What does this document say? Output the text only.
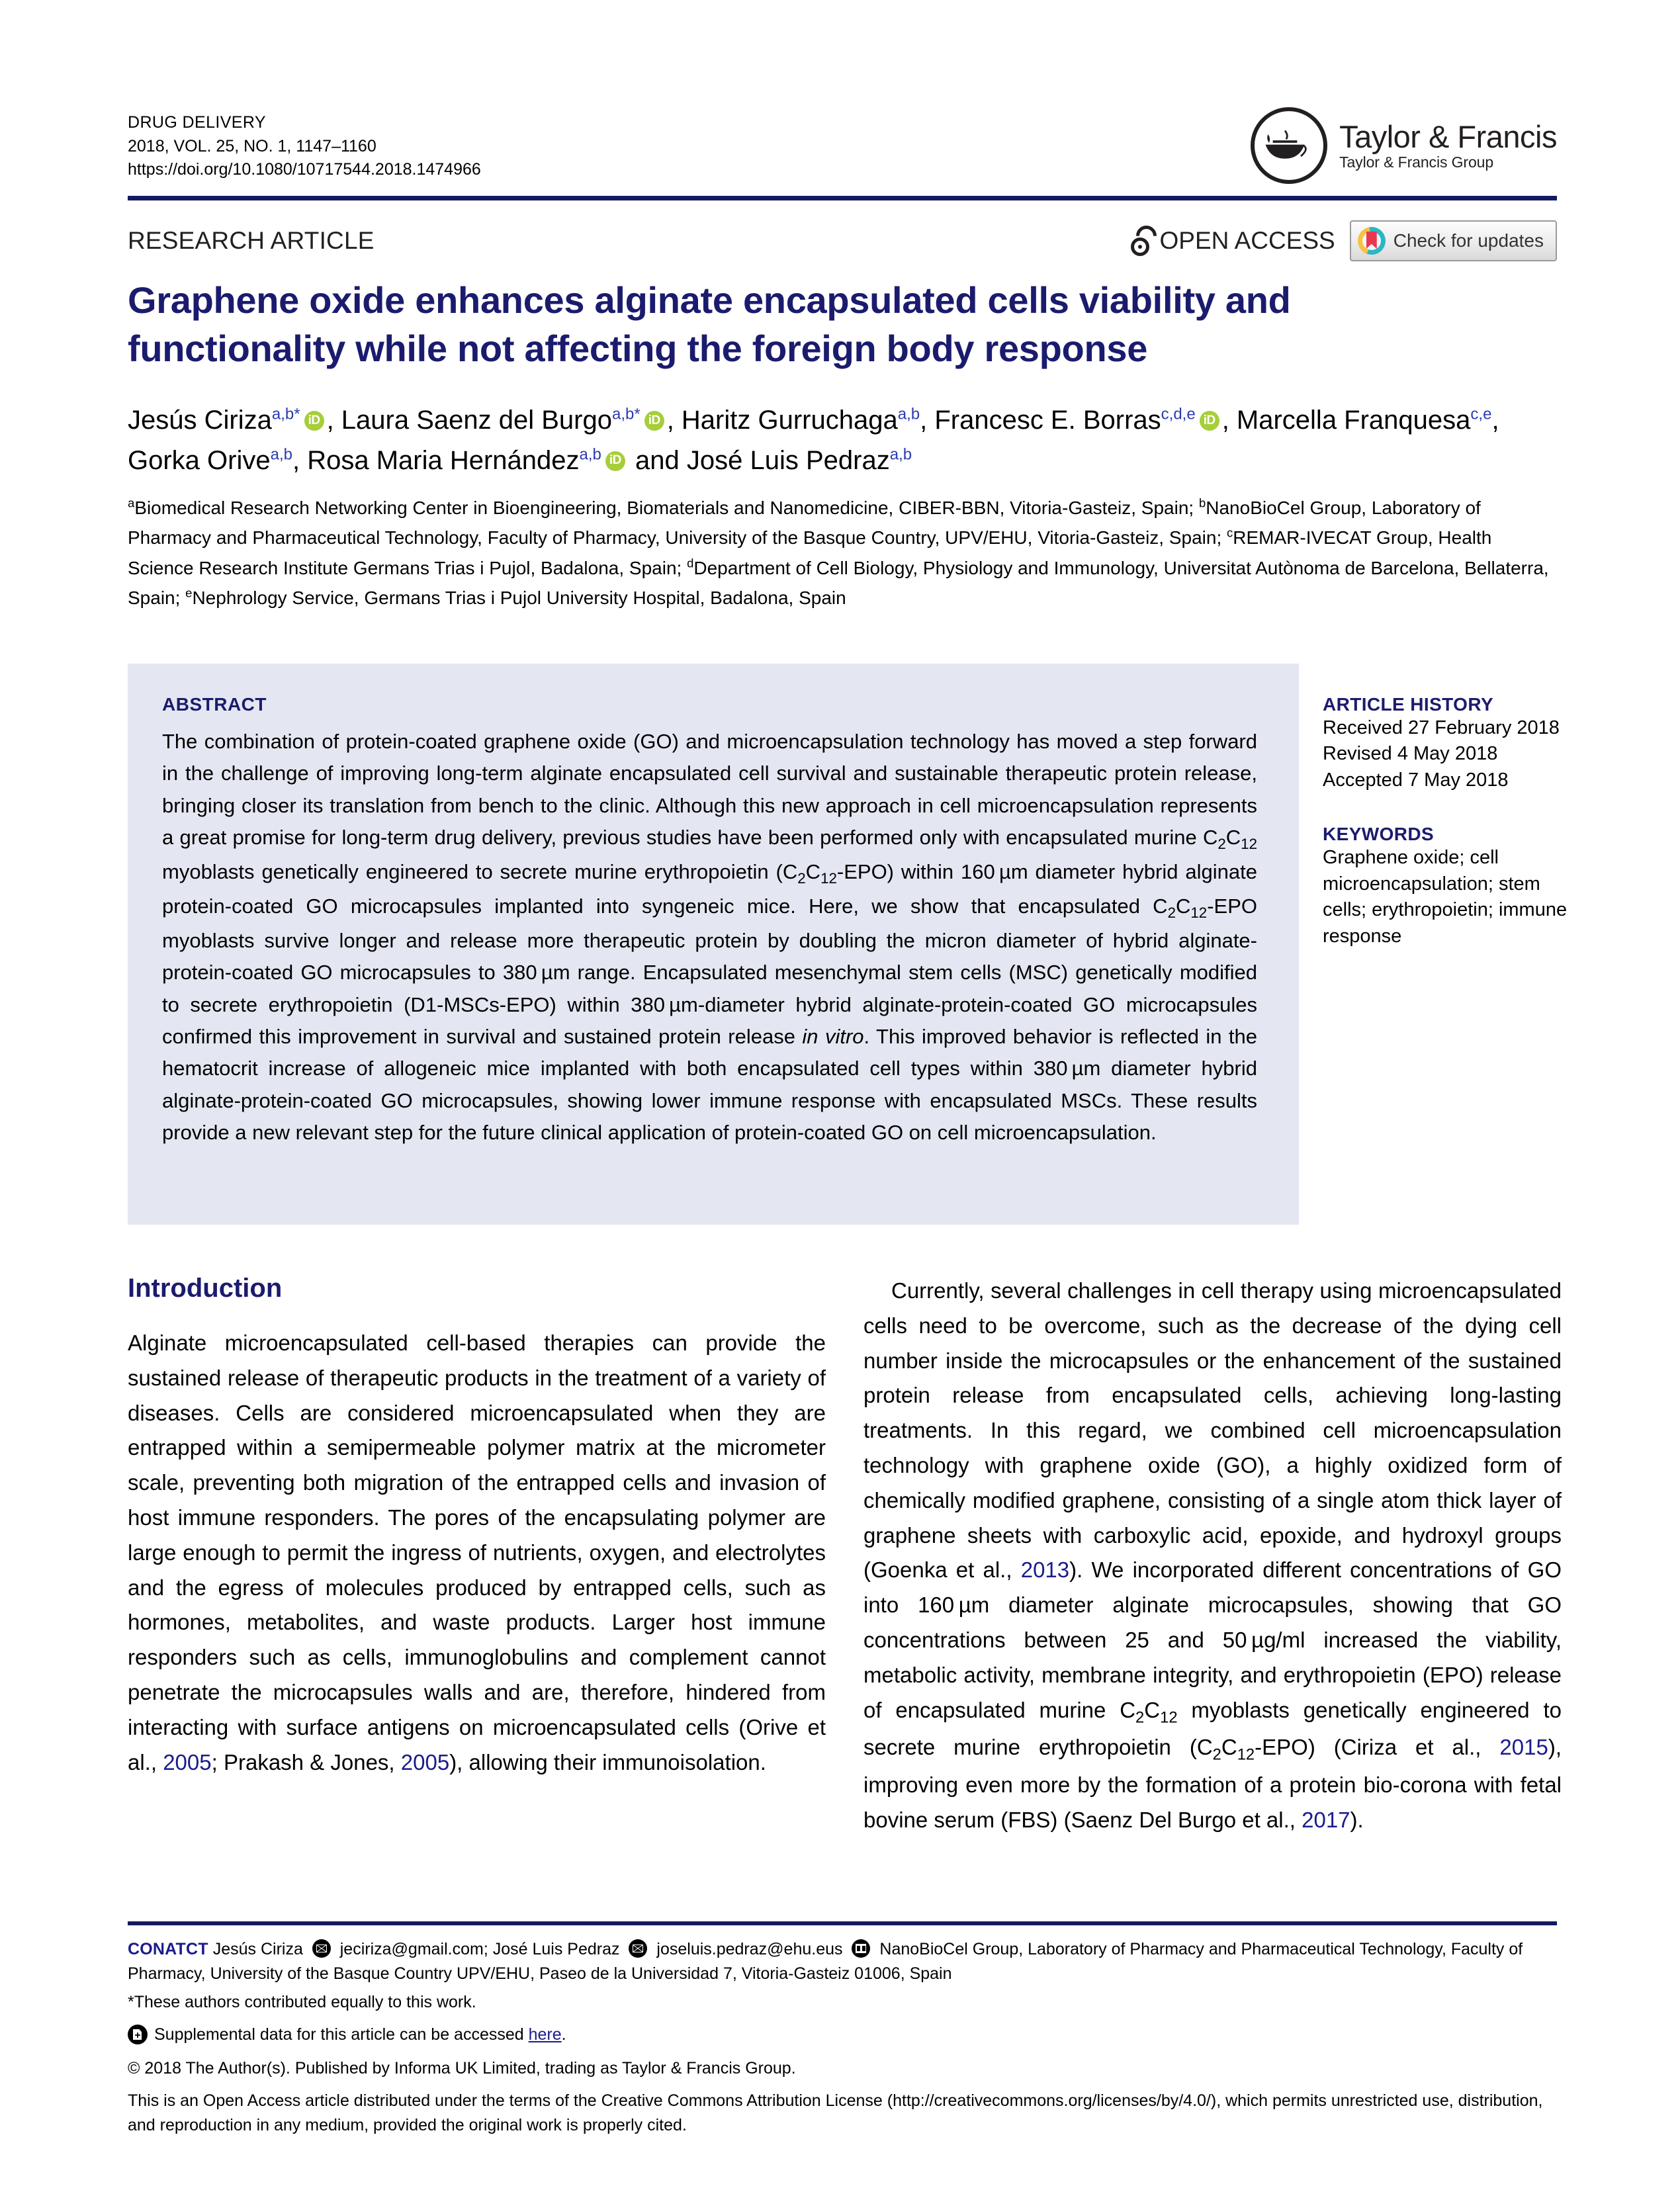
DRUG DELIVERY
2018, VOL. 25, NO. 1, 1147–1160
https://doi.org/10.1080/10717544.2018.1474966
Taylor & Francis
Taylor & Francis Group
RESEARCH ARTICLE	OPEN ACCESS	Check for updates
Graphene oxide enhances alginate encapsulated cells viability and functionality while not affecting the foreign body response
Jesús Ciriza$^{a,b*}$ iD , Laura Saenz del Burgo$^{a,b*}$ iD , Haritz Gurruchaga$^{a,b}$, Francesc E. Borras$^{c,d,e}$ iD , Marcella Franquesa$^{c,e}$, Gorka Orive$^{a,b}$, Rosa Maria Hernández$^{a,b}$iD and José Luis Pedraz$^{a,b}$
$^a$Biomedical Research Networking Center in Bioengineering, Biomaterials and Nanomedicine, CIBER-BBN, Vitoria-Gasteiz, Spain; $^b$NanoBioCel Group, Laboratory of Pharmacy and Pharmaceutical Technology, Faculty of Pharmacy, University of the Basque Country, UPV/EHU, Vitoria-Gasteiz, Spain; $^c$REMAR-IVECAT Group, Health Science Research Institute Germans Trias i Pujol, Badalona, Spain; $^d$Department of Cell Biology, Physiology and Immunology, Universitat Autònoma de Barcelona, Bellaterra, Spain; $^e$Nephrology Service, Germans Trias i Pujol University Hospital, Badalona, Spain
ABSTRACT
The combination of protein-coated graphene oxide (GO) and microencapsulation technology has moved a step forward in the challenge of improving long-term alginate encapsulated cell survival and sustainable therapeutic protein release, bringing closer its translation from bench to the clinic. Although this new approach in cell microencapsulation represents a great promise for long-term drug delivery, previous studies have been performed only with encapsulated murine $C_2C_{12}$ myoblasts genetically engineered to secrete murine erythropoietin $(C_2C_{12}-EPO)$ within 160 µm diameter hybrid alginate protein-coated GO microcapsules implanted into syngeneic mice. Here, we show that encapsulated $C_2C_{12}$-EPO myoblasts survive longer and release more therapeutic protein by doubling the micron diameter of hybrid alginate-protein-coated GO microcapsules to 380 µm range. Encapsulated mesenchymal stem cells (MSC) genetically modified to secrete erythropoietin (D1-MSCs-EPO) within 380 µm-diameter hybrid alginate-protein-coated GO microcapsules confirmed this improvement in survival and sustained protein release in vitro. This improved behavior is reflected in the hematocrit increase of allogeneic mice implanted with both encapsulated cell types within 380 µm diameter hybrid alginate-protein-coated GO microcapsules, showing lower immune response with encapsulated MSCs. These results provide a new relevant step for the future clinical application of protein-coated GO on cell microencapsulation.
ARTICLE HISTORY
Received 27 February 2018
Revised 4 May 2018
Accepted 7 May 2018
KEYWORDS
Graphene oxide; cell microencapsulation; stem cells; erythropoietin; immune response
Introduction
Alginate microencapsulated cell-based therapies can provide the sustained release of therapeutic products in the treatment of a variety of diseases. Cells are considered microencapsulated when they are entrapped within a semipermeable polymer matrix at the micrometer scale, preventing both migration of the entrapped cells and invasion of host immune responders. The pores of the encapsulating polymer are large enough to permit the ingress of nutrients, oxygen, and electrolytes and the egress of molecules produced by entrapped cells, such as hormones, metabolites, and waste products. Larger host immune responders such as cells, immunoglobulins and complement cannot penetrate the microcapsules walls and are, therefore, hindered from interacting with surface antigens on microencapsulated cells (Orive et al., 2005; Prakash & Jones, 2005), allowing their immunoisolation.
Currently, several challenges in cell therapy using microencapsulated cells need to be overcome, such as the decrease of the dying cell number inside the microcapsules or the enhancement of the sustained protein release from encapsulated cells, achieving long-lasting treatments. In this regard, we combined cell microencapsulation technology with graphene oxide (GO), a highly oxidized form of chemically modified graphene, consisting of a single atom thick layer of graphene sheets with carboxylic acid, epoxide, and hydroxyl groups (Goenka et al., 2013). We incorporated different concentrations of GO into 160 µm diameter alginate microcapsules, showing that GO concentrations between 25 and 50 µg/ml increased the viability, metabolic activity, membrane integrity, and erythropoietin (EPO) release of encapsulated murine $C_2C_{12}$ myoblasts genetically engineered to secrete murine erythropoietin $(C_2C_{12}-EPO)$ (Ciriza et al., 2015), improving even more by the formation of a protein bio-corona with fetal bovine serum (FBS) (Saenz Del Burgo et al., 2017).
CONATCT Jesús Ciriza  jeciriza@gmail.com; José Luis Pedraz  joseluis.pedraz@ehu.eus  NanoBioCel Group, Laboratory of Pharmacy and Pharmaceutical Technology, Faculty of Pharmacy, University of the Basque Country UPV/EHU, Paseo de la Universidad 7, Vitoria-Gasteiz 01006, Spain
*These authors contributed equally to this work.
+
Supplemental data for this article can be accessed here.
© 2018 The Author(s). Published by Informa UK Limited, trading as Taylor & Francis Group.
This is an Open Access article distributed under the terms of the Creative Commons Attribution License (http://creativecommons.org/licenses/by/4.0/), which permits unrestricted use, distribution, and reproduction in any medium, provided the original work is properly cited.
